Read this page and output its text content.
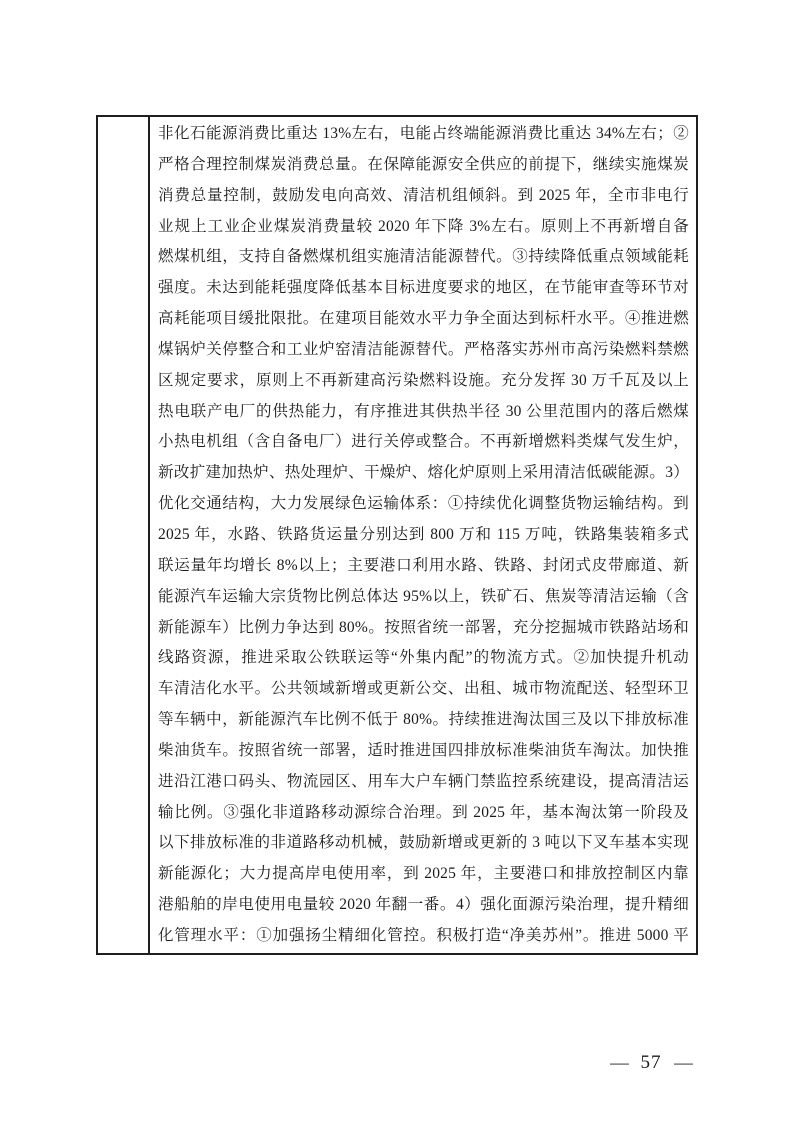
非化石能源消费比重达 13%左右，电能占终端能源消费比重达 34%左右；②
严格合理控制煤炭消费总量。在保障能源安全供应的前提下，继续实施煤炭
消费总量控制，鼓励发电向高效、清洁机组倾斜。到 2025 年，全市非电行
业规上工业企业煤炭消费量较 2020 年下降 3%左右。原则上不再新增自备
燃煤机组，支持自备燃煤机组实施清洁能源替代。③持续降低重点领域能耗
强度。未达到能耗强度降低基本目标进度要求的地区，在节能审查等环节对
高耗能项目缓批限批。在建项目能效水平力争全面达到标杆水平。④推进燃
煤锅炉关停整合和工业炉窑清洁能源替代。严格落实苏州市高污染燃料禁燃
区规定要求，原则上不再新建高污染燃料设施。充分发挥 30 万千瓦及以上
热电联产电厂的供热能力，有序推进其供热半径 30 公里范围内的落后燃煤
小热电机组（含自备电厂）进行关停或整合。不再新增燃料类煤气发生炉，
新改扩建加热炉、热处理炉、干燥炉、熔化炉原则上采用清洁低碳能源。3）
优化交通结构，大力发展绿色运输体系：①持续优化调整货物运输结构。到
2025 年，水路、铁路货运量分别达到 800 万和 115 万吨，铁路集装箱多式
联运量年均增长 8%以上；主要港口利用水路、铁路、封闭式皮带廊道、新
能源汽车运输大宗货物比例总体达 95%以上，铁矿石、焦炭等清洁运输（含
新能源车）比例力争达到 80%。按照省统一部署，充分挖掘城市铁路站场和
线路资源，推进采取公铁联运等“外集内配”的物流方式。②加快提升机动
车清洁化水平。公共领域新增或更新公交、出租、城市物流配送、轻型环卫
等车辆中，新能源汽车比例不低于 80%。持续推进淘汰国三及以下排放标准
柴油货车。按照省统一部署，适时推进国四排放标准柴油货车淘汰。加快推
进沿江港口码头、物流园区、用车大户车辆门禁监控系统建设，提高清洁运
输比例。③强化非道路移动源综合治理。到 2025 年，基本淘汰第一阶段及
以下排放标准的非道路移动机械，鼓励新增或更新的 3 吨以下叉车基本实现
新能源化；大力提高岸电使用率，到 2025 年，主要港口和排放控制区内靠
港船舶的岸电使用电量较 2020 年翻一番。4）强化面源污染治理，提升精细
化管理水平：①加强扬尘精细化管控。积极打造“净美苏州”。推进 5000 平
— 57 —
